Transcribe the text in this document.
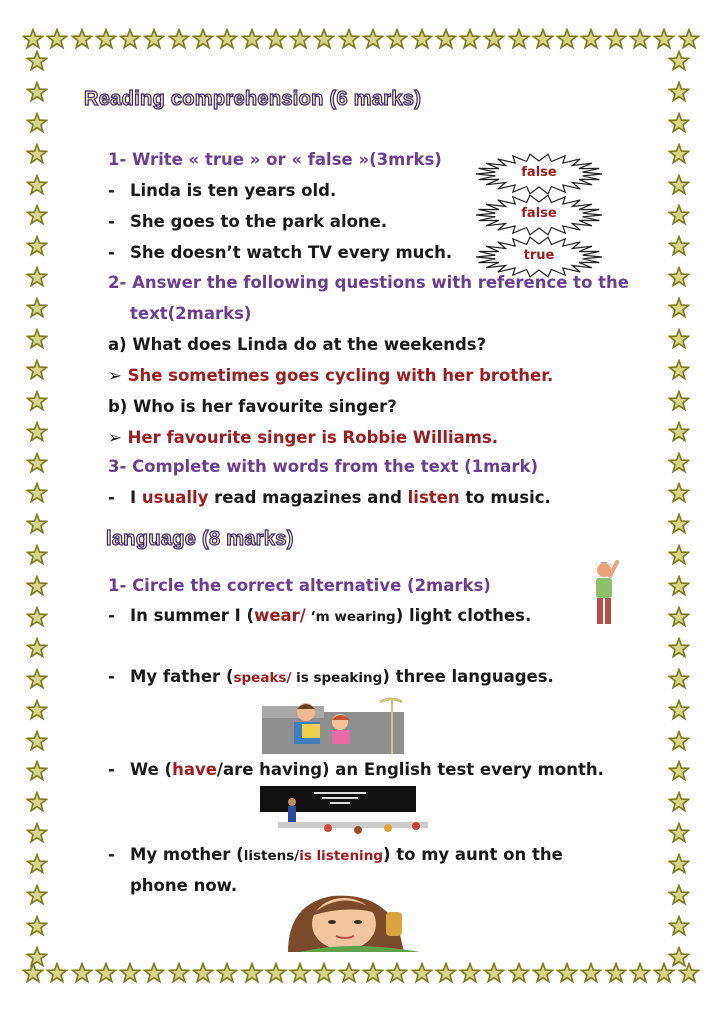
Reading comprehension (6 marks)
1- Write « true » or « false »(3mrks)
- Linda is ten years old.
- She goes to the park alone.
- She doesn’t watch TV every much.
false
false
true
2- Answer the following questions with reference to the
text(2marks)
a) What does Linda do at the weekends?
➢ She sometimes goes cycling with her brother.
b) Who is her favourite singer?
➢ Her favourite singer is Robbie Williams.
3- Complete with words from the text (1mark)
- I usually read magazines and listen to music.
language (8 marks)
1- Circle the correct alternative (2marks)
- In summer I (wear/ ‘m wearing) light clothes.
- My father (speaks/ is speaking) three languages.
- We (have/are having) an English test every month.
- My mother (listens/is listening) to my aunt on the
phone now.
